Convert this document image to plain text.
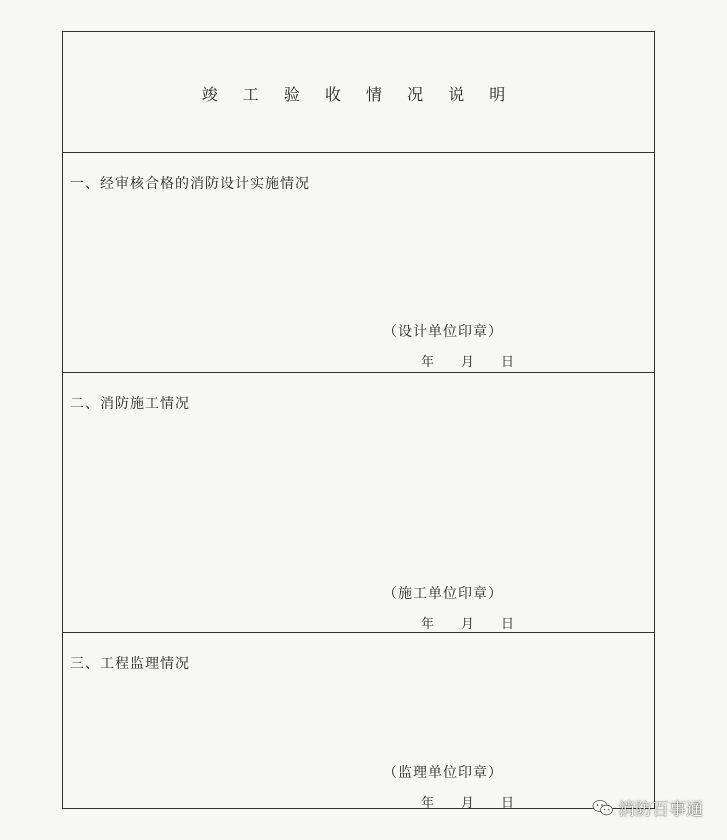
竣 工 验 收 情 况 说 明
一、经审核合格的消防设计实施情况
（设计单位印章）
年 月 日
二、消防施工情况
（施工单位印章）
年 月 日
三、工程监理情况
（监理单位印章）
年 月 日	消防百事通
